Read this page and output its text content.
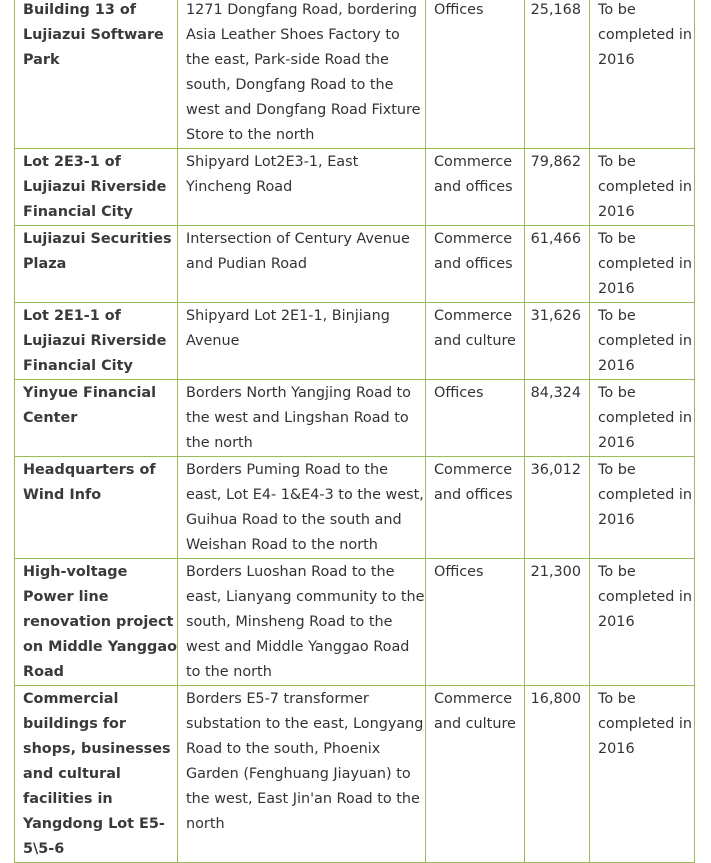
Building 13 of Lujiazui Software Park	1271 Dongfang Road, bordering Asia Leather Shoes Factory to the east, Park-side Road the south, Dongfang Road to the west and Dongfang Road Fixture Store to the north	Offices	25,168	To be completed in 2016
Lot 2E3-1 of Lujiazui Riverside Financial City	Shipyard Lot2E3-1, East Yincheng Road	Commerce and offices	79,862	To be completed in 2016
Lujiazui Securities Plaza	Intersection of Century Avenue and Pudian Road	Commerce and offices	61,466	To be completed in 2016
Lot 2E1-1 of Lujiazui Riverside Financial City	Shipyard Lot 2E1-1, Binjiang Avenue	Commerce and culture	31,626	To be completed in 2016
Yinyue Financial Center	Borders North Yangjing Road to the west and Lingshan Road to the north	Offices	84,324	To be completed in 2016
Headquarters of Wind Info	Borders Puming Road to the east, Lot E4- 1&E4-3 to the west, Guihua Road to the south and Weishan Road to the north	Commerce and offices	36,012	To be completed in 2016
High-voltage Power line renovation project on Middle Yanggao Road	Borders Luoshan Road to the east, Lianyang community to the south, Minsheng Road to the west and Middle Yanggao Road to the north	Offices	21,300	To be completed in 2016
Commercial buildings for shops, businesses and cultural facilities in Yangdong Lot E5-5\5-6	Borders E5-7 transformer substation to the east, Longyang Road to the south, Phoenix Garden (Fenghuang Jiayuan) to the west, East Jin'an Road to the north	Commerce and culture	16,800	To be completed in 2016
